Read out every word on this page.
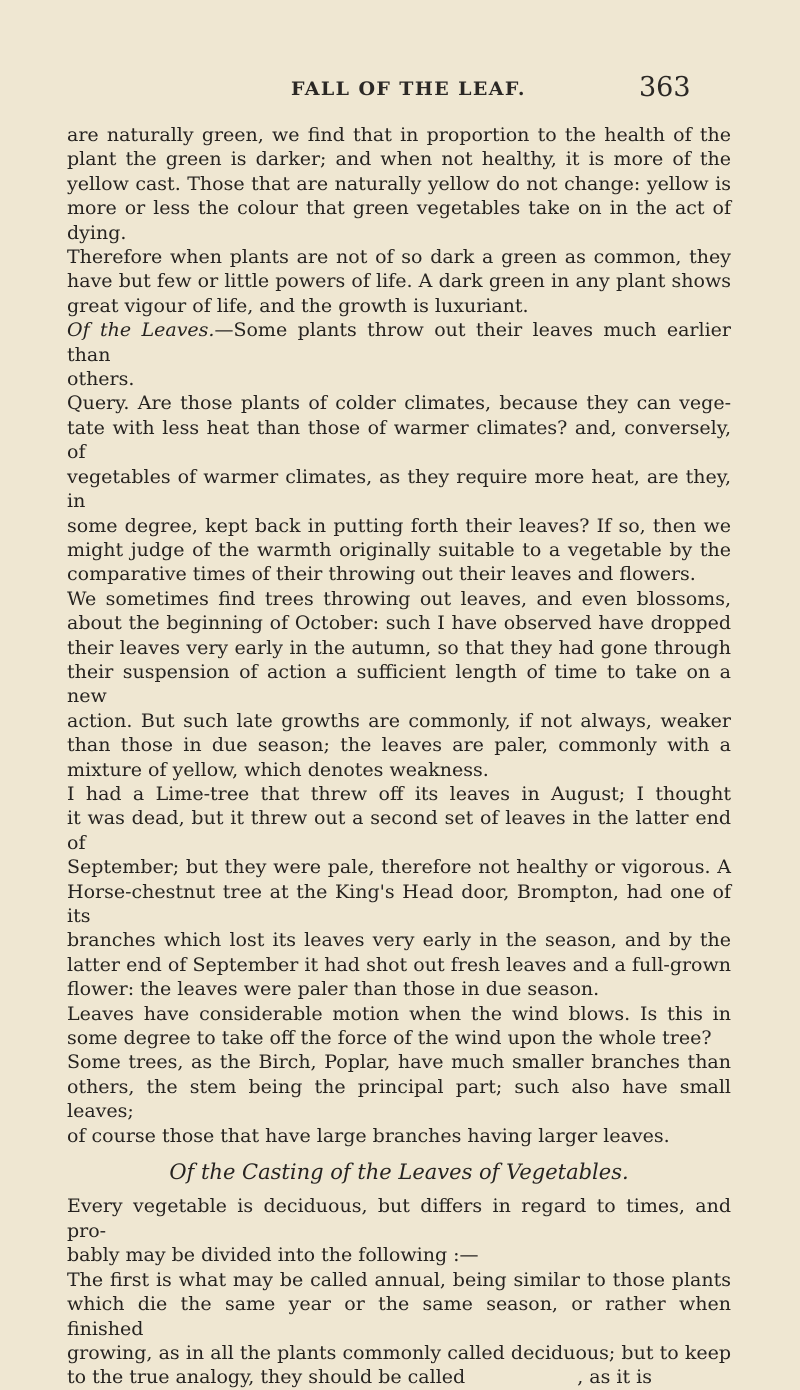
FALL OF THE LEAF.	363

are naturally green, we find that in proportion to the health of the

plant the green is darker; and when not healthy, it is more of the

yellow cast. Those that are naturally yellow do not change: yellow is

more or less the colour that green vegetables take on in the act of dying.

Therefore when plants are not of so dark a green as common, they

have but few or little powers of life. A dark green in any plant shows

great vigour of life, and the growth is luxuriant.

Of the Leaves.—Some plants throw out their leaves much earlier than

others.

Query. Are those plants of colder climates, because they can vege-

tate with less heat than those of warmer climates? and, conversely, of

vegetables of warmer climates, as they require more heat, are they, in

some degree, kept back in putting forth their leaves? If so, then we

might judge of the warmth originally suitable to a vegetable by the

comparative times of their throwing out their leaves and flowers.

We sometimes find trees throwing out leaves, and even blossoms,

about the beginning of October: such I have observed have dropped

their leaves very early in the autumn, so that they had gone through

their suspension of action a sufficient length of time to take on a new

action. But such late growths are commonly, if not always, weaker

than those in due season; the leaves are paler, commonly with a

mixture of yellow, which denotes weakness.

I had a Lime-tree that threw off its leaves in August; I thought

it was dead, but it threw out a second set of leaves in the latter end of

September; but they were pale, therefore not healthy or vigorous. A

Horse-chestnut tree at the King's Head door, Brompton, had one of its

branches which lost its leaves very early in the season, and by the

latter end of September it had shot out fresh leaves and a full-grown

flower: the leaves were paler than those in due season.

Leaves have considerable motion when the wind blows. Is this in

some degree to take off the force of the wind upon the whole tree?

Some trees, as the Birch, Poplar, have much smaller branches than

others, the stem being the principal part; such also have small leaves;

of course those that have large branches having larger leaves.

Of the Casting of the Leaves of Vegetables.

Every vegetable is deciduous, but differs in regard to times, and pro-

bably may be divided into the following :—

The first is what may be called annual, being similar to those plants

which die the same year or the same season, or rather when finished

growing, as in all the plants commonly called deciduous; but to keep

to the true analogy, they should be called	, as it is
